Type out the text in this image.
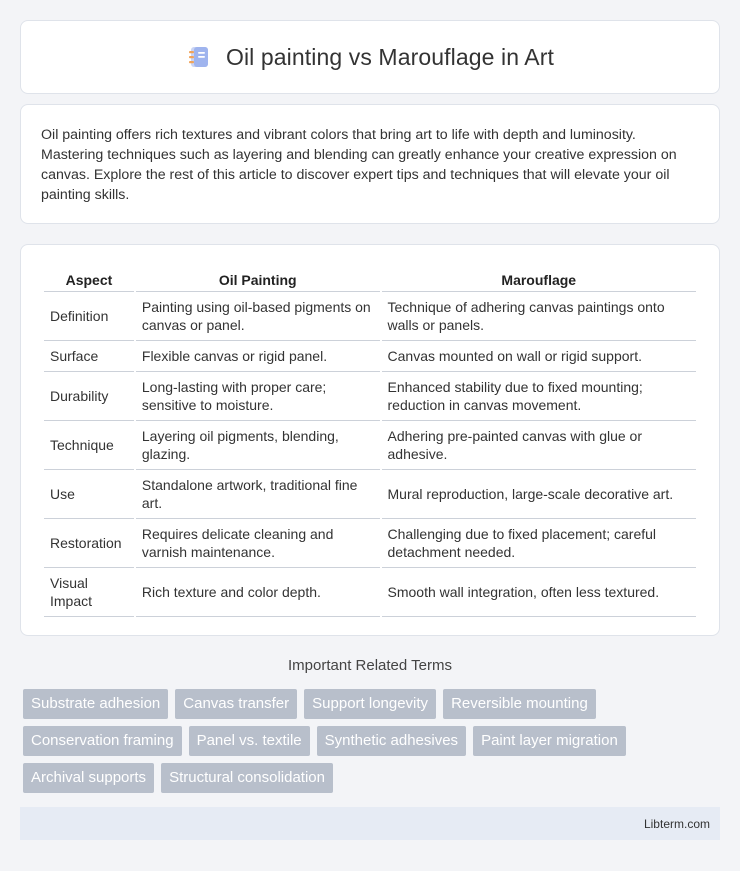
Oil painting vs Marouflage in Art

Oil painting offers rich textures and vibrant colors that bring art to life with depth and luminosity. Mastering techniques such as layering and blending can greatly enhance your creative expression on canvas. Explore the rest of this article to discover expert tips and techniques that will elevate your oil painting skills.

Aspect	Oil Painting	Marouflage
Definition	Painting using oil-based pigments on canvas or panel.	Technique of adhering canvas paintings onto walls or panels.
Surface	Flexible canvas or rigid panel.	Canvas mounted on wall or rigid support.
Durability	Long-lasting with proper care; sensitive to moisture.	Enhanced stability due to fixed mounting; reduction in canvas movement.
Technique	Layering oil pigments, blending, glazing.	Adhering pre-painted canvas with glue or adhesive.
Use	Standalone artwork, traditional fine art.	Mural reproduction, large-scale decorative art.
Restoration	Requires delicate cleaning and varnish maintenance.	Challenging due to fixed placement; careful detachment needed.
Visual Impact	Rich texture and color depth.	Smooth wall integration, often less textured.
Important Related Terms
Substrate adhesion	Canvas transfer	Support longevity	Reversible mounting
Conservation framing	Panel vs. textile	Synthetic adhesives	Paint layer migration
Archival supports	Structural consolidation
Libterm.com
